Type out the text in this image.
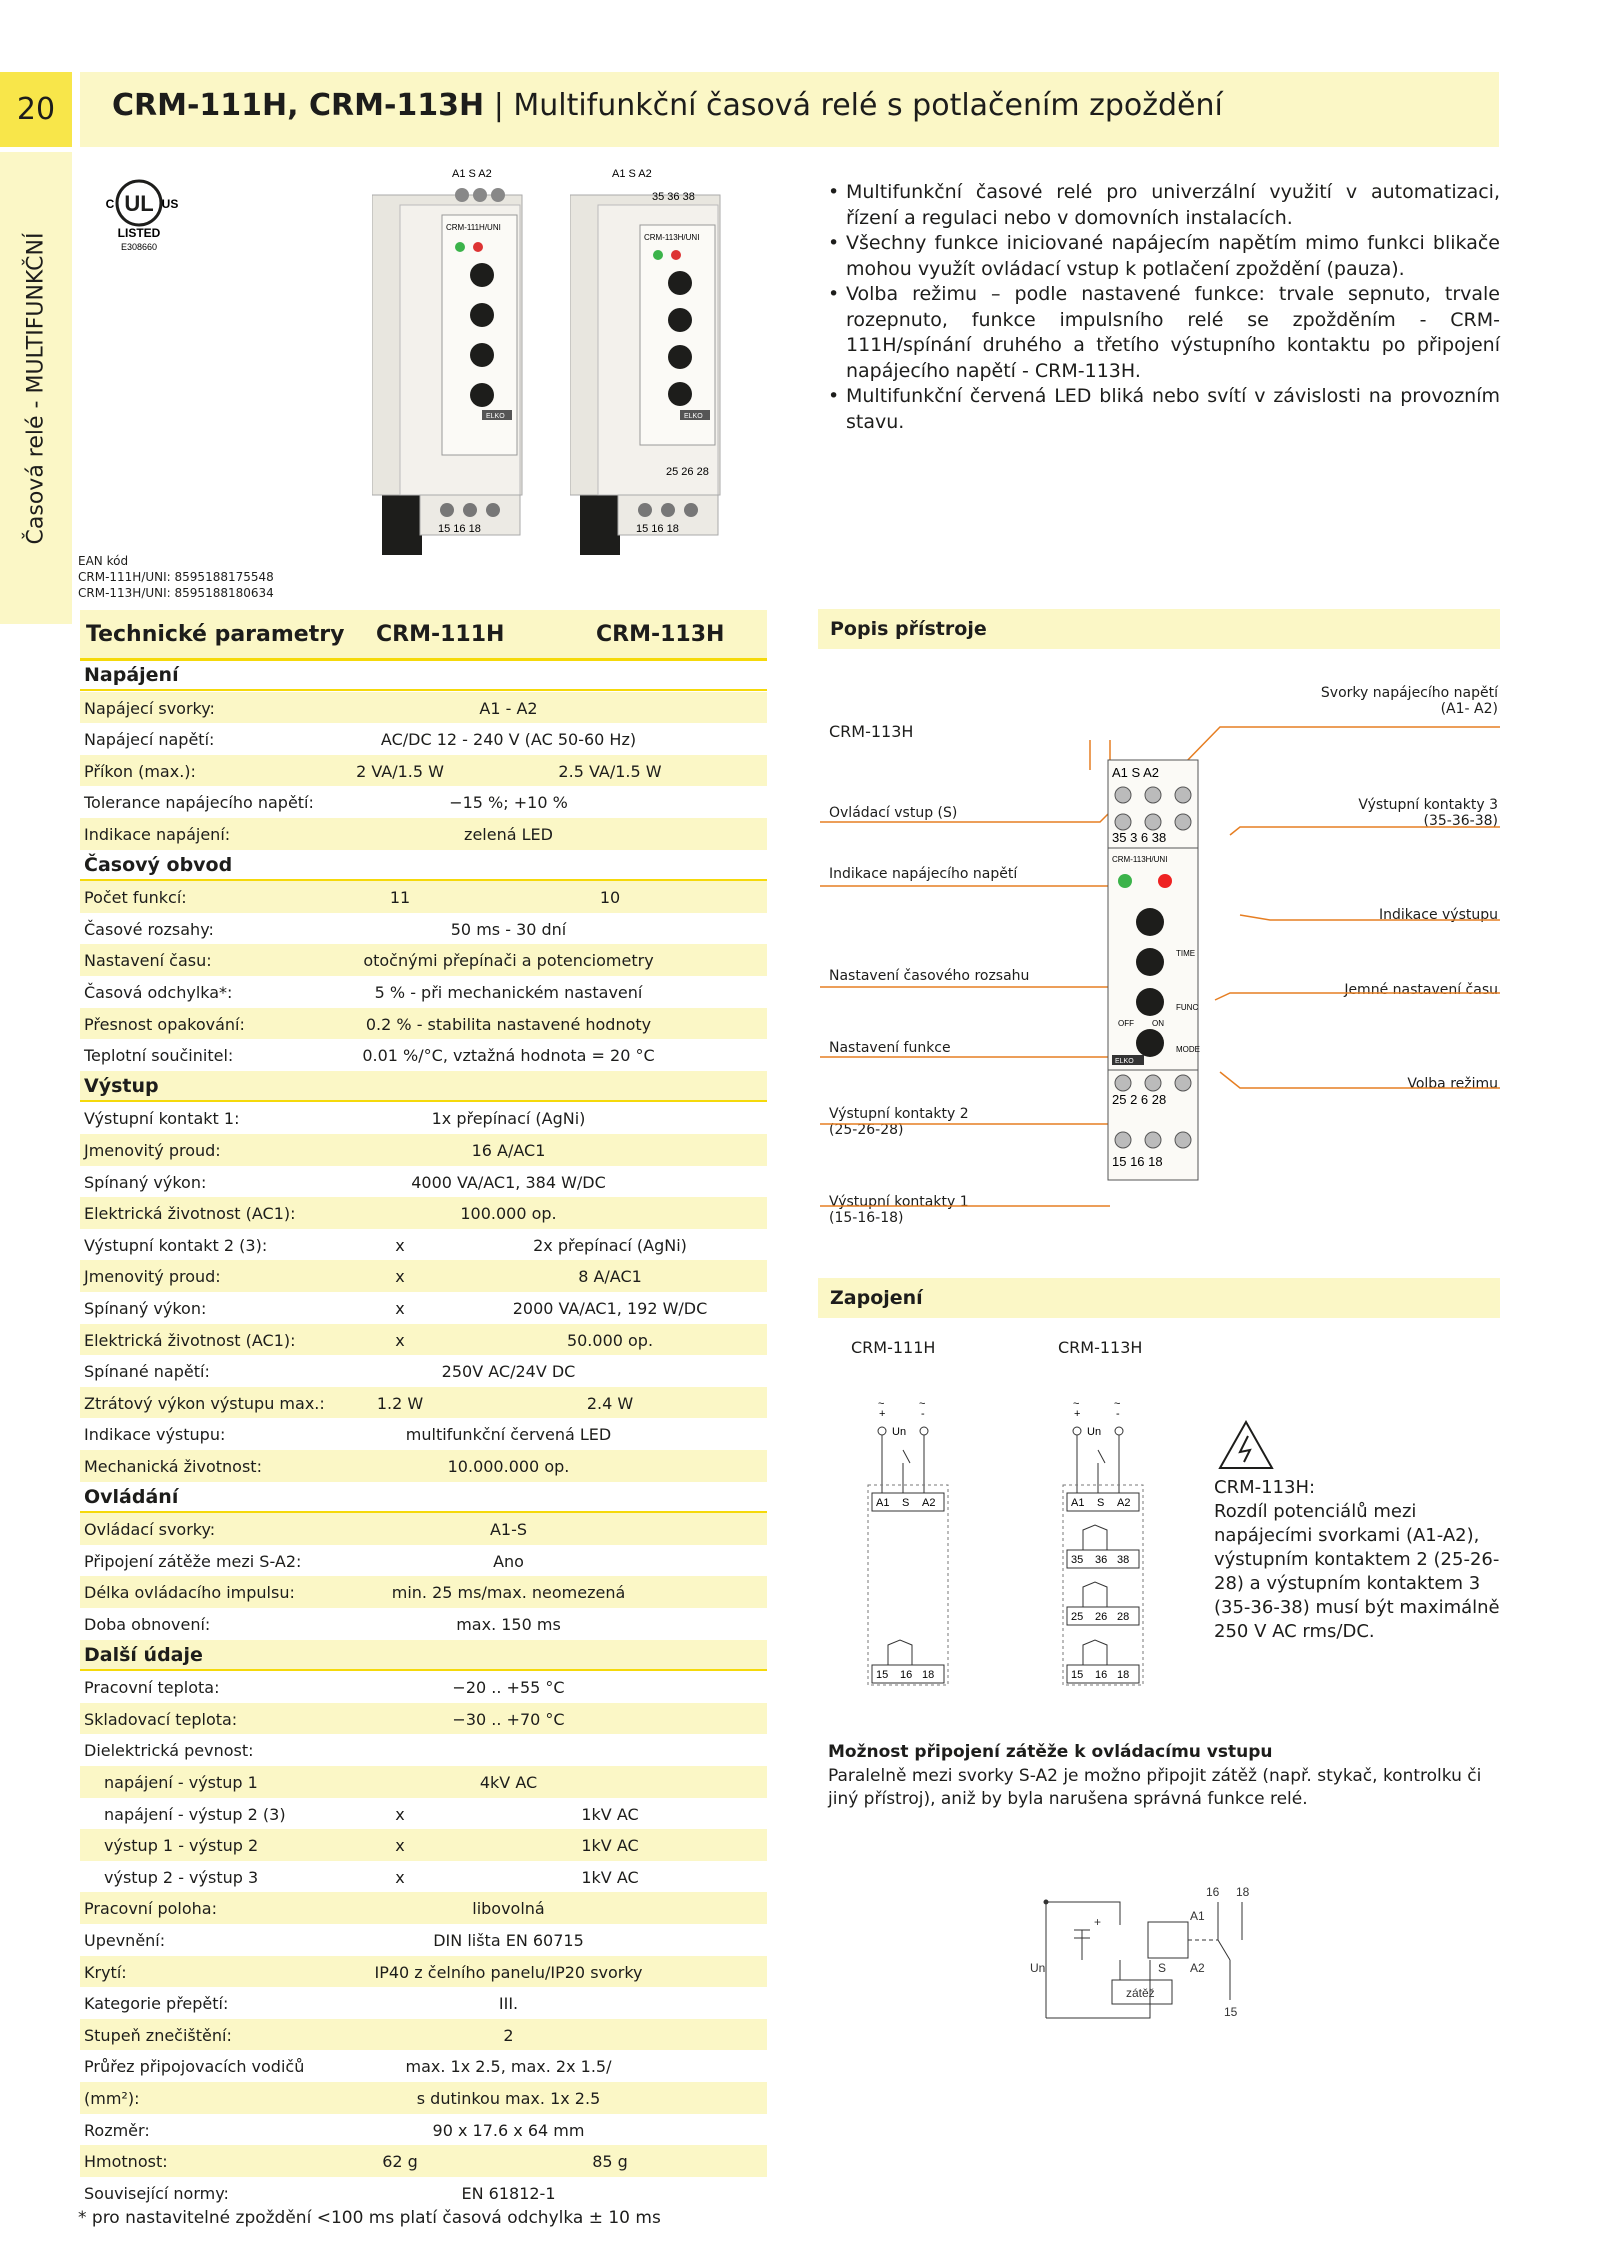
20	CRM-111H, CRM-113H | Multifunkční časová relé s potlačením zpoždění
Časová relé - MULTIFUNKČNÍ
UL
C	US
LISTED
E308660
A1 S A2
CRM-111H/UNI
ELKO
15 16 18
A1 S A2
35 36 38
CRM-113H/UNI
ELKO
25 26 28
15 16 18
• Multifunkční časové relé pro univerzální využití v automatizaci, řízení a regulaci nebo v domovních instalacích.
• Všechny funkce iniciované napájecím napětím mimo funkci blikače mohou využít ovládací vstup k potlačení zpoždění (pauza).
• Volba režimu – podle nastavené funkce: trvale sepnuto, trvale rozepnuto, funkce impulsního relé se zpožděním - CRM-111H/spínání druhého a třetího výstupního kontaktu po připojení napájecího napětí - CRM-113H.
• Multifunkční červená LED bliká nebo svítí v závislosti na provozním stavu.
EAN kód
CRM-111H/UNI: 8595188175548
CRM-113H/UNI: 8595188180634
Technické parametry CRM-111H	CRM-113H
Napájení
Napájecí svorky:	A1 - A2
Napájecí napětí:	AC/DC 12 - 240 V (AC 50-60 Hz)
Příkon (max.):	2 VA/1.5 W	2.5 VA/1.5 W
Tolerance napájecího napětí:	−15 %; +10 %
Indikace napájení:	zelená LED
Časový obvod
Počet funkcí:	11	10
Časové rozsahy:	50 ms - 30 dní
Nastavení času:	otočnými přepínači a potenciometry
Časová odchylka*:	5 % - při mechanickém nastavení
Přesnost opakování:	0.2 % - stabilita nastavené hodnoty
Teplotní součinitel:	0.01 %/°C, vztažná hodnota = 20 °C
Výstup
Výstupní kontakt 1:	1x přepínací (AgNi)
Jmenovitý proud:	16 A/AC1
Spínaný výkon:	4000 VA/AC1, 384 W/DC
Elektrická životnost (AC1):	100.000 op.
Výstupní kontakt 2 (3):	x	2x přepínací (AgNi)
Jmenovitý proud:	x	8 A/AC1
Spínaný výkon:	x	2000 VA/AC1, 192 W/DC
Elektrická životnost (AC1):	x	50.000 op.
Spínané napětí:	250V AC/24V DC
Ztrátový výkon výstupu max.:	1.2 W	2.4 W
Indikace výstupu:	multifunkční červená LED
Mechanická životnost:	10.000.000 op.
Ovládání
Ovládací svorky:	A1-S
Připojení zátěže mezi S-A2:	Ano
Délka ovládacího impulsu:	min. 25 ms/max. neomezená
Doba obnovení:	max. 150 ms
Další údaje
Pracovní teplota:	−20 .. +55 °C
Skladovací teplota:	−30 .. +70 °C
Dielektrická pevnost:
napájení - výstup 1	4kV AC
napájení - výstup 2 (3)	x	1kV AC
výstup 1 - výstup 2	x	1kV AC
výstup 2 - výstup 3	x	1kV AC
Pracovní poloha:	libovolná
Upevnění:	DIN lišta EN 60715
Krytí:	IP40 z čelního panelu/IP20 svorky
Kategorie přepětí:	III.
Stupeň znečištění:	2
Průřez připojovacích vodičů	max. 1x 2.5, max. 2x 1.5/
(mm²):	s dutinkou max. 1x 2.5
Rozměr:	90 x 17.6 x 64 mm
Hmotnost:	62 g	85 g
Související normy:	EN 61812-1
* pro nastavitelné zpoždění <100 ms platí časová odchylka ± 10 ms
Popis přístroje
CRM-113H
Ovládací vstup (S)
Indikace napájecího napětí
Nastavení časového rozsahu
Nastavení funkce
Výstupní kontakty 2
(25-26-28)
Výstupní kontakty 1
(15-16-18)
Svorky napájecího napětí
(A1- A2)
Výstupní kontakty 3
(35-36-38)
Indikace výstupu
Jemné nastavení času
Volba režimu
A1 S A2
35 3 6 38
CRM-113H/UNI
TIME
FUNC
MODE
OFF ON
ELKO
25 2 6 28
15 16 18
Zapojení
CRM-111H	CRM-113H
~	~
+	-
Un
A1 S A2
15 16 18
~	~
+	-
Un
A1 S A2
35 36 38
25 26 28
15 16 18
CRM-113H:
Rozdíl potenciálů mezi napájecími svorkami (A1-A2), výstupním kontaktem 2 (25-26-28) a výstupním kontaktem 3 (35-36-38) musí být maximálně 250 V AC rms/DC.
Možnost připojení zátěže k ovládacímu vstupu
Paralelně mezi svorky S-A2 je možno připojit zátěž (např. stykač, kontrolku či jiný přístroj), aniž by byla narušena správná funkce relé.
16 18
15
A1
A2
S
Un
zátěž
+
